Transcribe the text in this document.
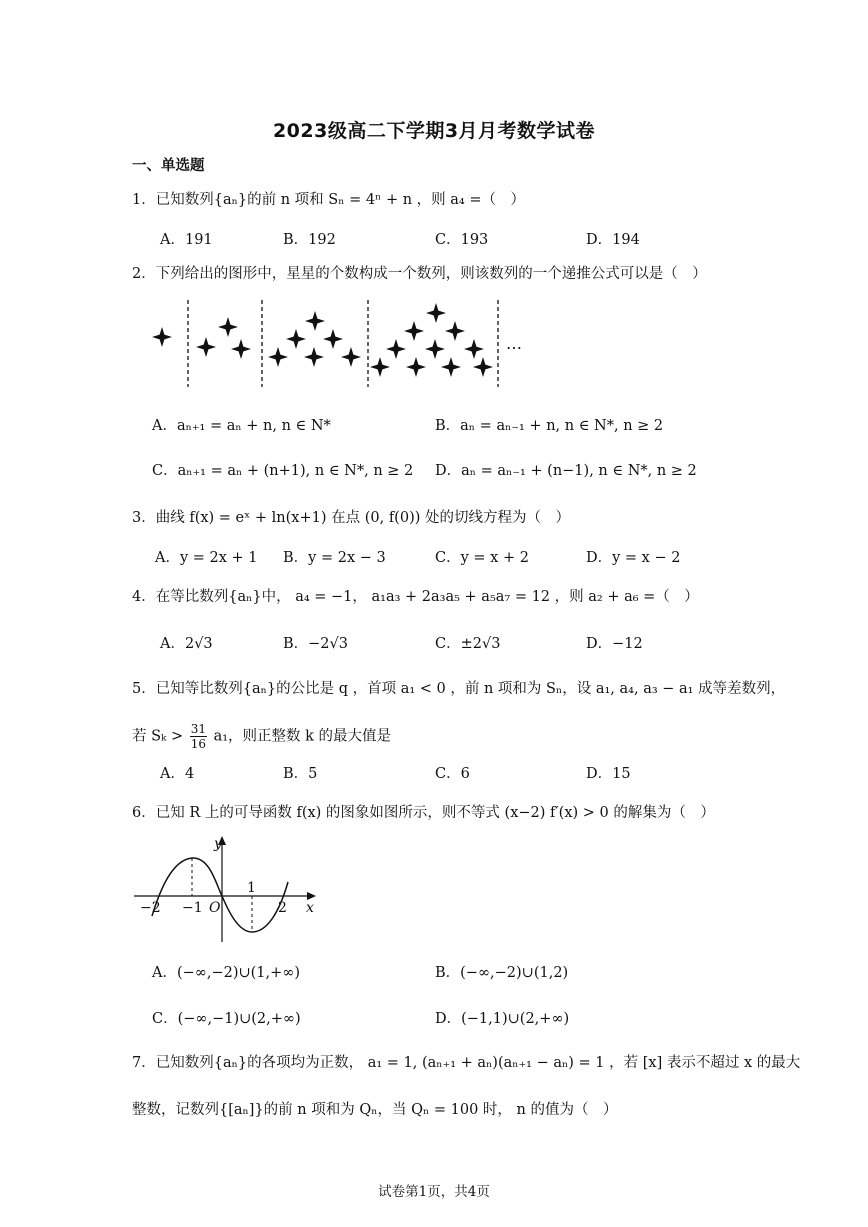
2023级高二下学期3月月考数学试卷
一、单选题
1．已知数列{aₙ}的前 n 项和 Sₙ = 4ⁿ + n ，则 a₄ =（　）
A．191	B．192	C．193	D．194
2．下列给出的图形中，星星的个数构成一个数列，则该数列的一个递推公式可以是（　）
…
A．aₙ₊₁ = aₙ + n, n ∈ N*	B．aₙ = aₙ₋₁ + n, n ∈ N*, n ≥ 2
C．aₙ₊₁ = aₙ + (n+1), n ∈ N*, n ≥ 2 D．aₙ = aₙ₋₁ + (n−1), n ∈ N*, n ≥ 2
3．曲线 f(x) = eˣ + ln(x+1) 在点 (0, f(0)) 处的切线方程为（　）
A．y = 2x + 1 B．y = 2x − 3	C．y = x + 2	D．y = x − 2
4．在等比数列{aₙ}中， a₄ = −1， a₁a₃ + 2a₃a₅ + a₅a₇ = 12 ，则 a₂ + a₆ =（　）
A．2√3	B．−2√3	C．±2√3	D．−12
5．已知等比数列{aₙ}的公比是 q ，首项 a₁ < 0 ，前 n 项和为 Sₙ，设 a₁, a₄, a₃ − a₁ 成等差数列，
若 $S_k > \frac{31}{16} a_1$，则正整数 k 的最大值是
A．4	B．5	C．6	D．15
6．已知 R 上的可导函数 f(x) 的图象如图所示，则不等式 (x−2) f′(x) > 0 的解集为（　）
y
x
O
−2 −1
1
2
A．(−∞,−2)∪(1,+∞)	B．(−∞,−2)∪(1,2)
C．(−∞,−1)∪(2,+∞)	D．(−1,1)∪(2,+∞)
7．已知数列{aₙ}的各项均为正数， a₁ = 1, (aₙ₊₁ + aₙ)(aₙ₊₁ − aₙ) = 1 ，若 [x] 表示不超过 x 的最大
整数，记数列{[aₙ]}的前 n 项和为 Qₙ，当 Qₙ = 100 时， n 的值为（　）
试卷第1页，共4页
